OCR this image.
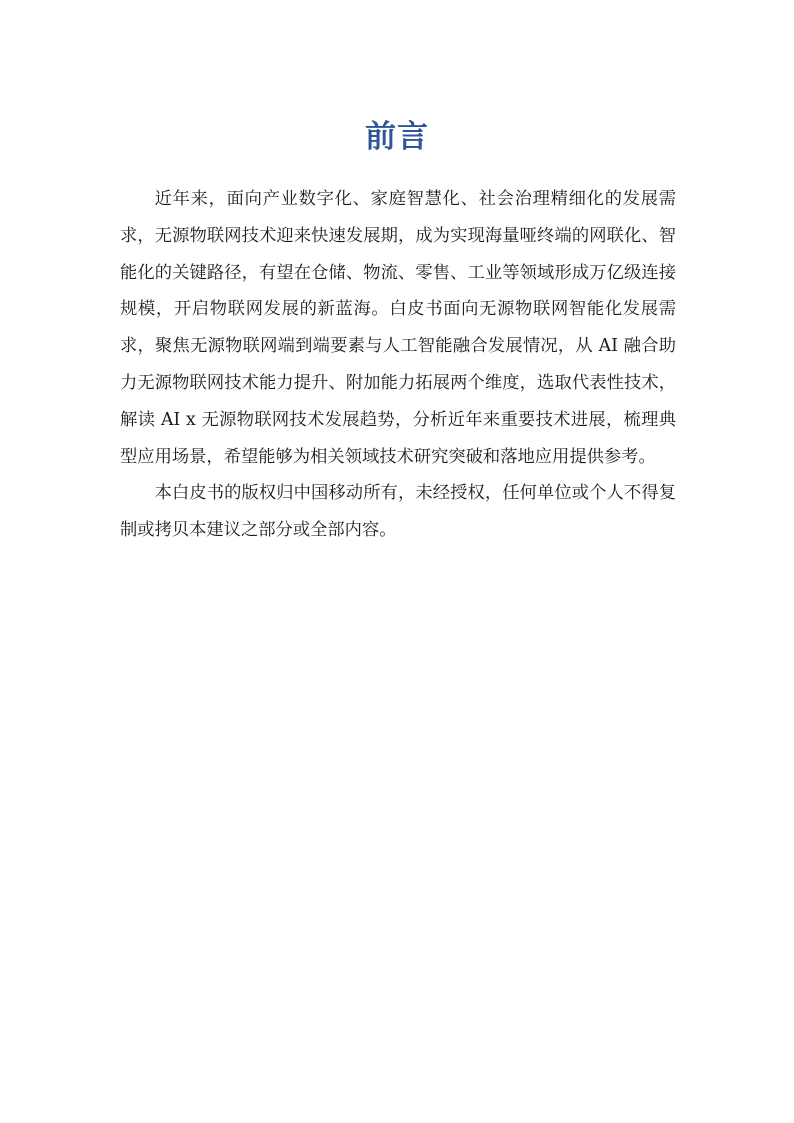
前言

近年来，面向产业数字化、家庭智慧化、社会治理精细化的发展需求，无源物联网技术迎来快速发展期，成为实现海量哑终端的网联化、智能化的关键路径，有望在仓储、物流、零售、工业等领域形成万亿级连接规模，开启物联网发展的新蓝海。白皮书面向无源物联网智能化发展需求，聚焦无源物联网端到端要素与人工智能融合发展情况，从 AI 融合助力无源物联网技术能力提升、附加能力拓展两个维度，选取代表性技术，解读 AI x 无源物联网技术发展趋势，分析近年来重要技术进展，梳理典型应用场景，希望能够为相关领域技术研究突破和落地应用提供参考。

本白皮书的版权归中国移动所有，未经授权，任何单位或个人不得复制或拷贝本建议之部分或全部内容。
